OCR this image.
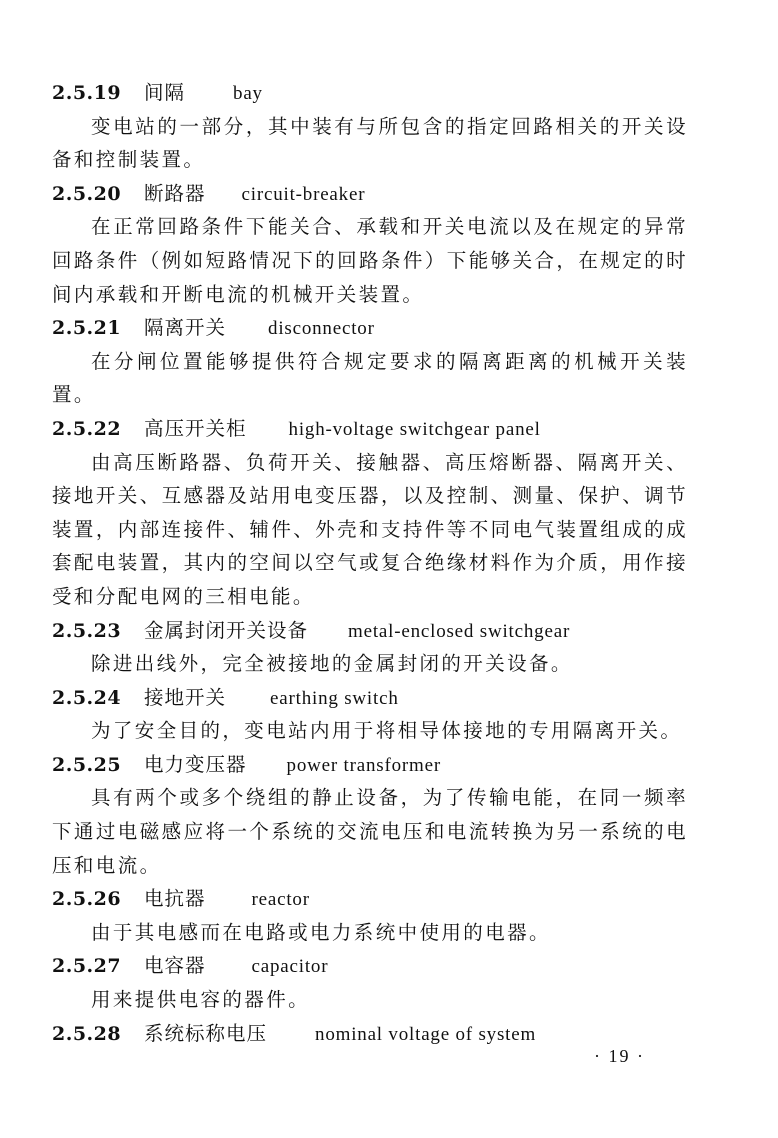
2.5.19	间隔	bay

变电站的一部分，其中装有与所包含的指定回路相关的开关设备和控制装置。

2.5.20	断路器 circuit-breaker

在正常回路条件下能关合、承载和开关电流以及在规定的异常回路条件（例如短路情况下的回路条件）下能够关合，在规定的时间内承载和开断电流的机械开关装置。

2.5.21	隔离开关 disconnector

在分闸位置能够提供符合规定要求的隔离距离的机械开关装置。

2.5.22	高压开关柜 high-voltage switchgear panel

由高压断路器、负荷开关、接触器、高压熔断器、隔离开关、接地开关、互感器及站用电变压器，以及控制、测量、保护、调节装置，内部连接件、辅件、外壳和支持件等不同电气装置组成的成套配电装置，其内的空间以空气或复合绝缘材料作为介质，用作接受和分配电网的三相电能。

2.5.23	金属封闭开关设备 metal-enclosed switchgear

除进出线外，完全被接地的金属封闭的开关设备。

2.5.24	接地开关 earthing switch

为了安全目的，变电站内用于将相导体接地的专用隔离开关。

2.5.25	电力变压器 power transformer

具有两个或多个绕组的静止设备，为了传输电能，在同一频率下通过电磁感应将一个系统的交流电压和电流转换为另一系统的电压和电流。

2.5.26	电抗器 reactor

由于其电感而在电路或电力系统中使用的电器。

2.5.27	电容器 capacitor

用来提供电容的器件。

2.5.28	系统标称电压	nominal voltage of system
· 19 ·
